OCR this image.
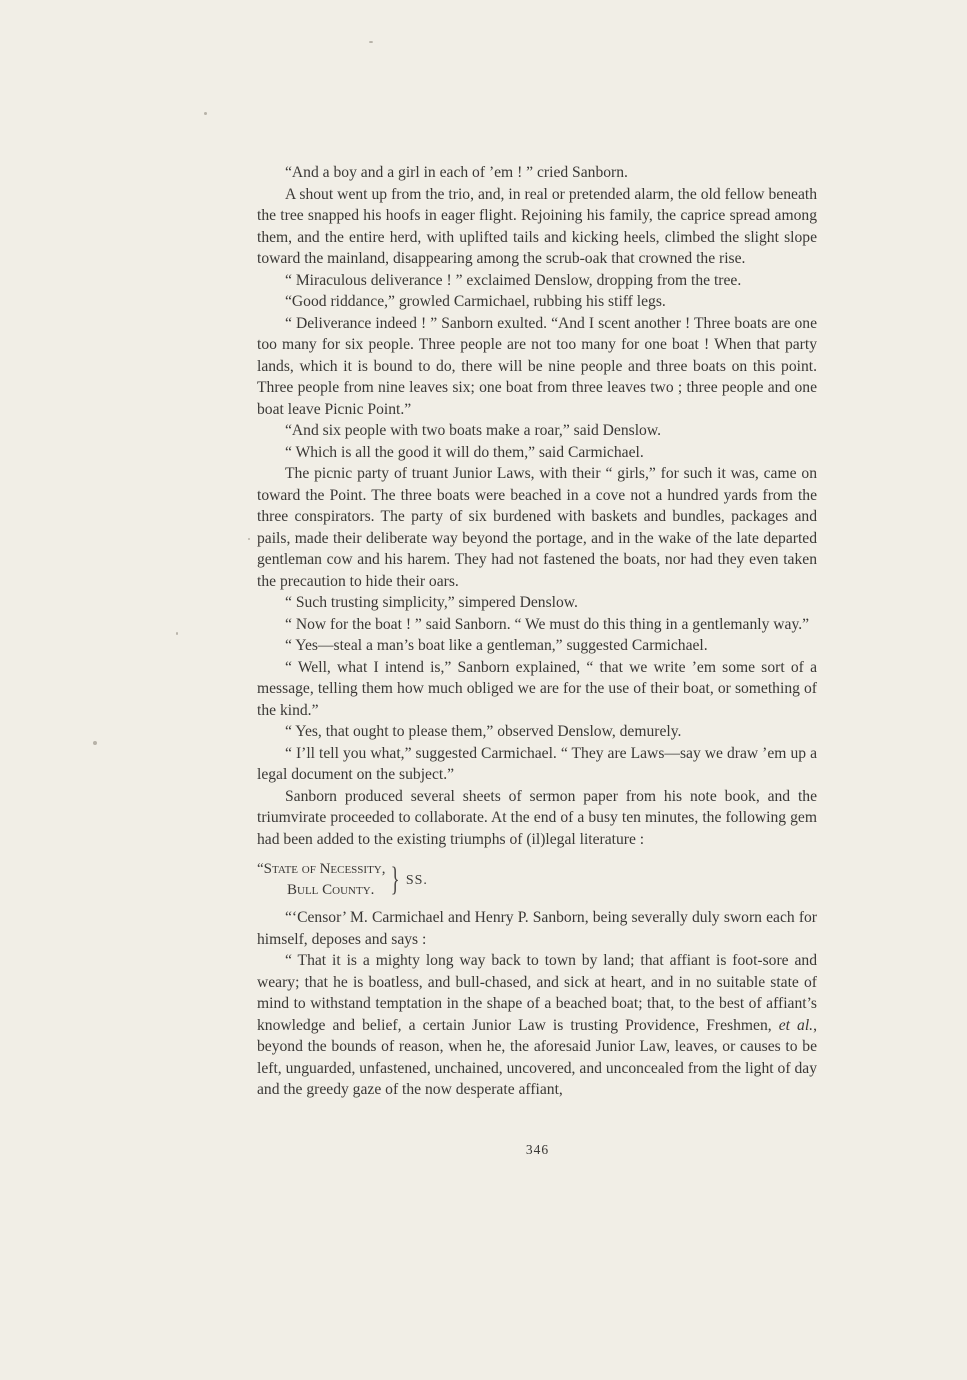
“And a boy and a girl in each of ’em ! ” cried Sanborn.

A shout went up from the trio, and, in real or pretended alarm, the old fellow beneath the tree snapped his hoofs in eager flight. Rejoining his family, the caprice spread among them, and the entire herd, with uplifted tails and kicking heels, climbed the slight slope toward the mainland, disappearing among the scrub-oak that crowned the rise.

“ Miraculous deliverance ! ” exclaimed Denslow, dropping from the tree.

“Good riddance,” growled Carmichael, rubbing his stiff legs.

“ Deliverance indeed ! ” Sanborn exulted. “And I scent another ! Three boats are one too many for six people. Three people are not too many for one boat ! When that party lands, which it is bound to do, there will be nine people and three boats on this point. Three people from nine leaves six; one boat from three leaves two ; three people and one boat leave Picnic Point.”

“And six people with two boats make a roar,” said Denslow.

“ Which is all the good it will do them,” said Carmichael.

The picnic party of truant Junior Laws, with their “ girls,” for such it was, came on toward the Point. The three boats were beached in a cove not a hundred yards from the three conspirators. The party of six burdened with baskets and bundles, packages and pails, made their deliberate way beyond the portage, and in the wake of the late departed gentleman cow and his harem. They had not fastened the boats, nor had they even taken the precaution to hide their oars.

“ Such trusting simplicity,” simpered Denslow.

“ Now for the boat ! ” said Sanborn. “ We must do this thing in a gentlemanly way.”

“ Yes—steal a man’s boat like a gentleman,” suggested Carmichael.

“ Well, what I intend is,” Sanborn explained, “ that we write ’em some sort of a message, telling them how much obliged we are for the use of their boat, or something of the kind.”

“ Yes, that ought to please them,” observed Denslow, demurely.

“ I’ll tell you what,” suggested Carmichael. “ They are Laws—say we draw ’em up a legal document on the subject.”

Sanborn produced several sheets of sermon paper from his note book, and the triumvirate proceeded to collaborate. At the end of a busy ten minutes, the following gem had been added to the existing triumphs of (il)legal literature :

“State of Necessity,
Bull County. } SS.

“‘Censor’ M. Carmichael and Henry P. Sanborn, being severally duly sworn each for himself, deposes and says :

“ That it is a mighty long way back to town by land; that affiant is foot-sore and weary; that he is boatless, and bull-chased, and sick at heart, and in no suitable state of mind to withstand temptation in the shape of a beached boat; that, to the best of affiant’s knowledge and belief, a certain Junior Law is trusting Providence, Freshmen, et al., beyond the bounds of reason, when he, the aforesaid Junior Law, leaves, or causes to be left, unguarded, unfastened, unchained, uncovered, and unconcealed from the light of day and the greedy gaze of the now desperate affiant,

346
